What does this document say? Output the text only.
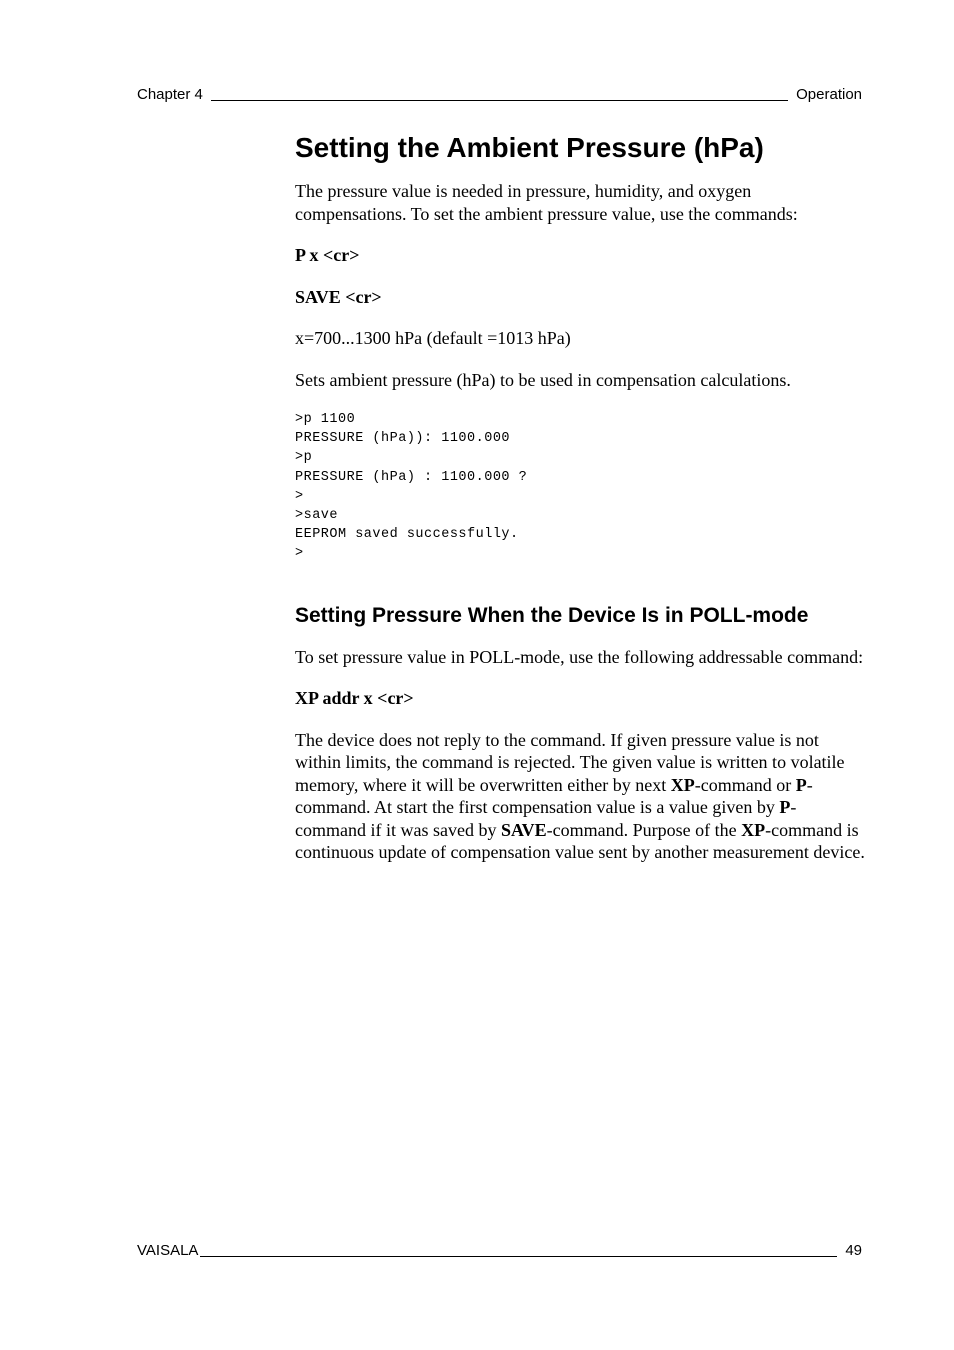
Chapter 4	Operation
Setting the Ambient Pressure (hPa)

The pressure value is needed in pressure, humidity, and oxygen compensations. To set the ambient pressure value, use the commands:

P x <cr>

SAVE <cr>

x=700...1300 hPa (default =1013 hPa)

Sets ambient pressure (hPa) to be used in compensation calculations.

>p 1100
PRESSURE (hPa)): 1100.000
>p
PRESSURE (hPa) : 1100.000 ?
>
>save
EEPROM saved successfully.
>
Setting Pressure When the Device Is in POLL-mode

To set pressure value in POLL-mode, use the following addressable command:

XP addr x <cr>

The device does not reply to the command. If given pressure value is not within limits, the command is rejected. The given value is written to volatile memory, where it will be overwritten either by next XP-command or P-command. At start the first compensation value is a value given by P-command if it was saved by SAVE-command. Purpose of the XP-command is continuous update of compensation value sent by another measurement device.

VAISALA	49
